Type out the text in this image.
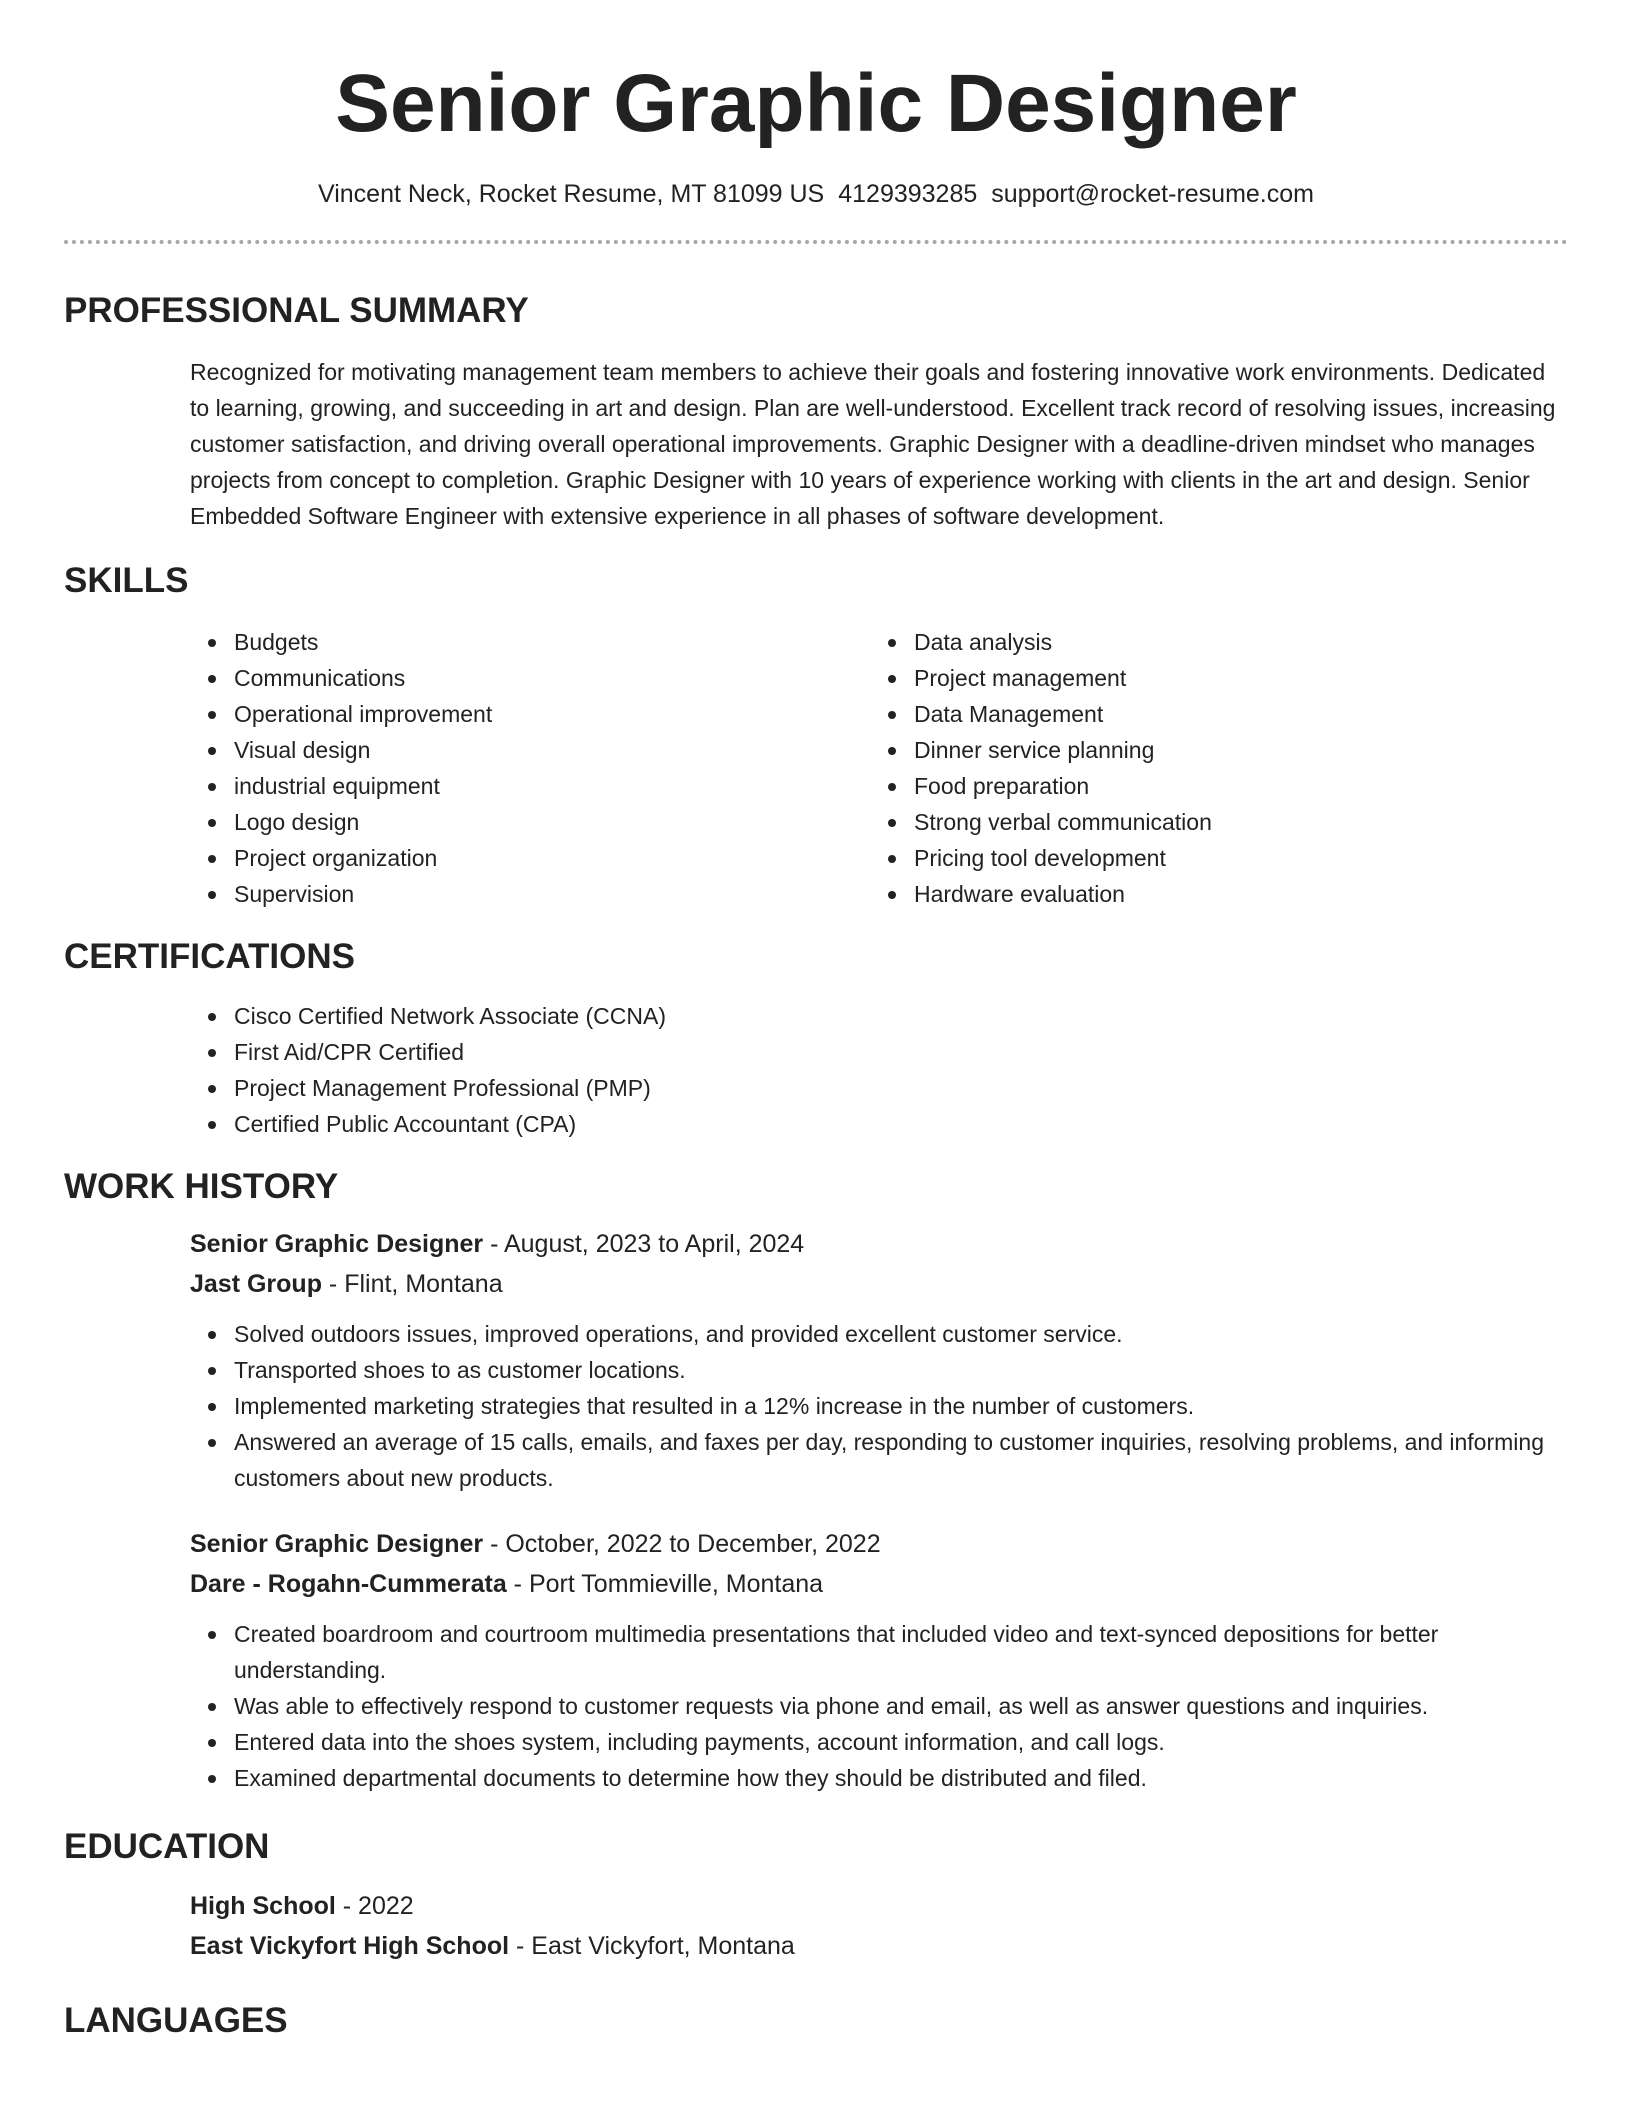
Senior Graphic Designer
Vincent Neck, Rocket Resume, MT 81099 US 4129393285 support@rocket-resume.com
PROFESSIONAL SUMMARY
Recognized for motivating management team members to achieve their goals and fostering innovative work environments. Dedicated to learning, growing, and succeeding in art and design. Plan are well-understood. Excellent track record of resolving issues, increasing customer satisfaction, and driving overall operational improvements. Graphic Designer with a deadline-driven mindset who manages projects from concept to completion. Graphic Designer with 10 years of experience working with clients in the art and design. Senior Embedded Software Engineer with extensive experience in all phases of software development.
SKILLS
Budgets
Communications
Operational improvement
Visual design
industrial equipment
Logo design
Project organization
Supervision
Data analysis
Project management
Data Management
Dinner service planning
Food preparation
Strong verbal communication
Pricing tool development
Hardware evaluation
CERTIFICATIONS
Cisco Certified Network Associate (CCNA)
First Aid/CPR Certified
Project Management Professional (PMP)
Certified Public Accountant (CPA)
WORK HISTORY
Senior Graphic Designer - August, 2023 to April, 2024
Jast Group - Flint, Montana
Solved outdoors issues, improved operations, and provided excellent customer service.
Transported shoes to as customer locations.
Implemented marketing strategies that resulted in a 12% increase in the number of customers.
Answered an average of 15 calls, emails, and faxes per day, responding to customer inquiries, resolving problems, and informing customers about new products.
Senior Graphic Designer - October, 2022 to December, 2022
Dare - Rogahn-Cummerata - Port Tommieville, Montana
Created boardroom and courtroom multimedia presentations that included video and text-synced depositions for better understanding.
Was able to effectively respond to customer requests via phone and email, as well as answer questions and inquiries.
Entered data into the shoes system, including payments, account information, and call logs.
Examined departmental documents to determine how they should be distributed and filed.
EDUCATION
High School - 2022
East Vickyfort High School - East Vickyfort, Montana
LANGUAGES
